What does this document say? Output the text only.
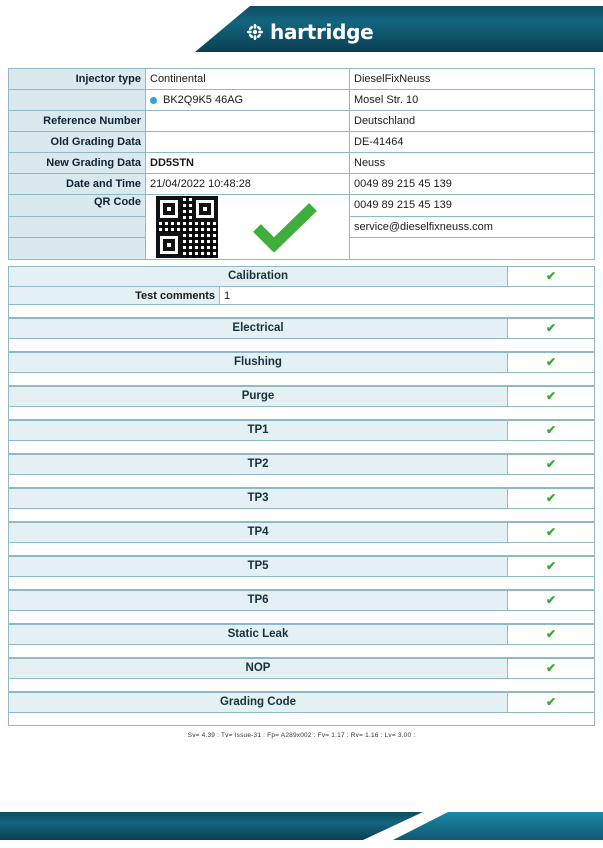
hartridge
Injector type	Continental	DieselFixNeuss
	BK2Q9K5 46AG	Mosel Str. 10
Reference Number		Deutschland
Old Grading Data		DE-41464
New Grading Data	DD5STN	Neuss
Date and Time	21/04/2022 10:48:28	0049 89 215 45 139
QR Code		0049 89 215 45 139
		service@dieselfixneuss.com

Calibration	✔
Test comments 1
Electrical	✔
Flushing	✔
Purge	✔
TP1	✔
TP2	✔
TP3	✔
TP4	✔
TP5	✔
TP6	✔
Static Leak	✔
NOP	✔
Grading Code	✔
Sv= 4.39 : Tv= Issue-31 : Fp= A289x002 : Fv= 1.17 : Rv= 1.16 : Lv= 3.00 :
